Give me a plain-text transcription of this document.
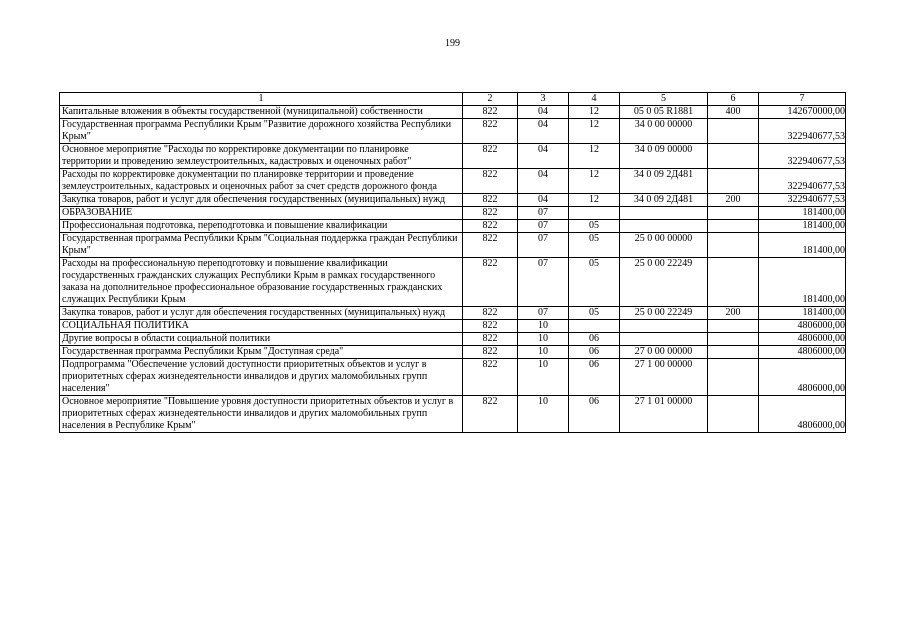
199
1	2	3	4	5	6	7
Капитальные вложения в объекты государственной (муниципальной) собственности	822	04	12	05 0 05 R1881	400	142670000,00
Государственная программа Республики Крым "Развитие дорожного хозяйства Республики Крым"	822	04	12	34 0 00 00000		322940677,53
Основное мероприятие "Расходы по корректировке документации по планировке территории и проведению землеустроительных, кадастровых и оценочных работ"	822	04	12	34 0 09 00000		322940677,53
Расходы по корректировке документации по планировке территории и проведение землеустроительных, кадастровых и оценочных работ за счет средств дорожного фонда	822	04	12	34 0 09 2Д481		322940677,53
Закупка товаров, работ и услуг для обеспечения государственных (муниципальных) нужд	822	04	12	34 0 09 2Д481	200	322940677,53
ОБРАЗОВАНИЕ	822	07				181400,00
Профессиональная подготовка, переподготовка и повышение квалификации	822	07	05			181400,00
Государственная программа Республики Крым "Социальная поддержка граждан Республики Крым"	822	07	05	25 0 00 00000		181400,00
Расходы на профессиональную переподготовку и повышение квалификации государственных гражданских служащих Республики Крым в рамках государственного заказа на дополнительное профессиональное образование государственных гражданских служащих Республики Крым	822	07	05	25 0 00 22249		181400,00
Закупка товаров, работ и услуг для обеспечения государственных (муниципальных) нужд	822	07	05	25 0 00 22249	200	181400,00
СОЦИАЛЬНАЯ ПОЛИТИКА	822	10				4806000,00
Другие вопросы в области социальной политики	822	10	06			4806000,00
Государственная программа Республики Крым "Доступная среда"	822	10	06	27 0 00 00000		4806000,00
Подпрограмма "Обеспечение условий доступности приоритетных объектов и услуг в приоритетных сферах жизнедеятельности инвалидов и других маломобильных групп населения"	822	10	06	27 1 00 00000		4806000,00
Основное мероприятие "Повышение уровня доступности приоритетных объектов и услуг в приоритетных сферах жизнедеятельности инвалидов и других маломобильных групп населения в Республике Крым"	822	10	06	27 1 01 00000		4806000,00
